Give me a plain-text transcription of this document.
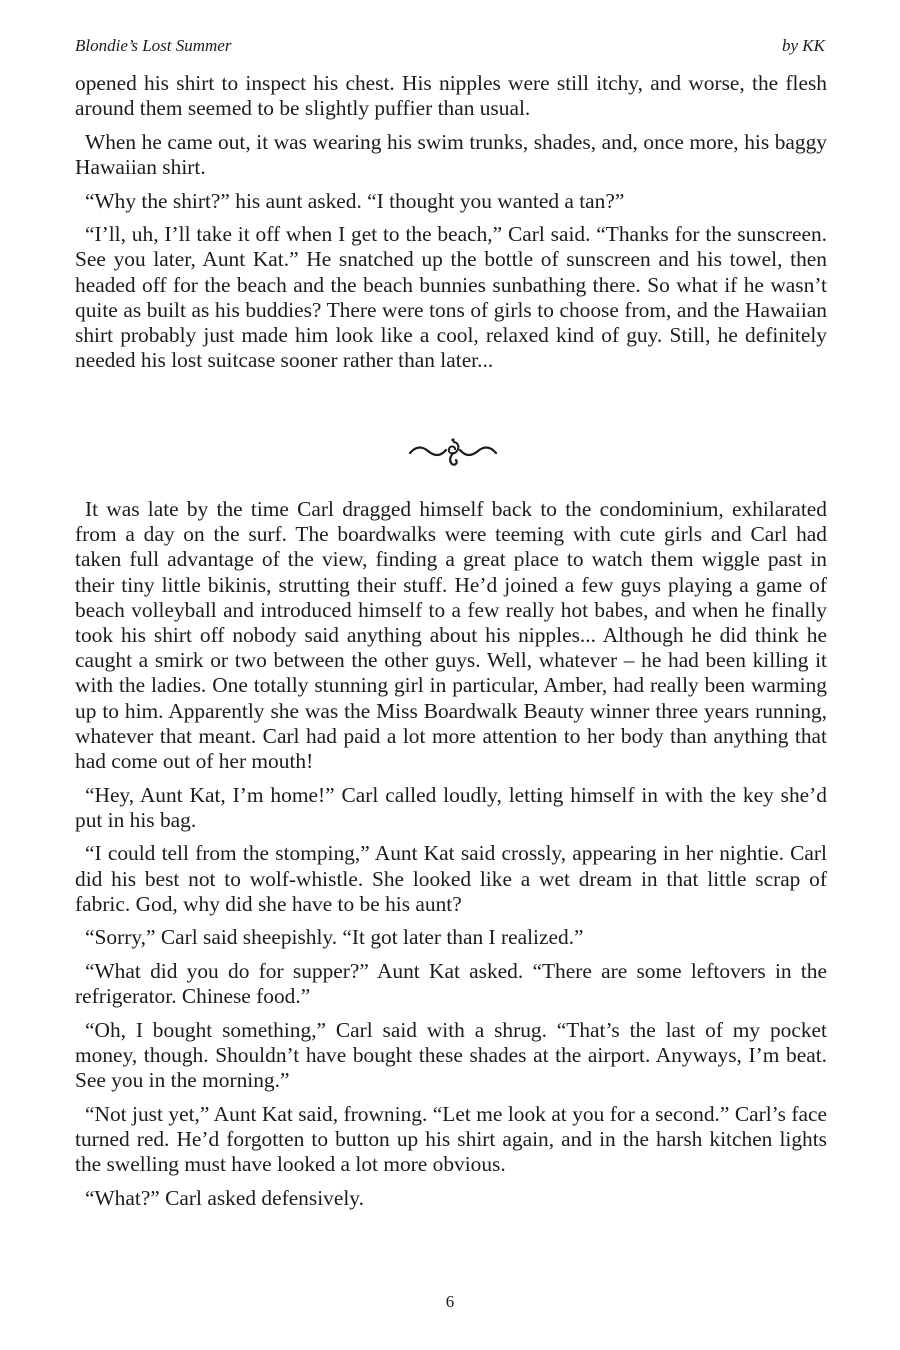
Blondie’s Lost Summer	by KK

opened his shirt to inspect his chest. His nipples were still itchy, and worse, the flesh around them seemed to be slightly puffier than usual.

When he came out, it was wearing his swim trunks, shades, and, once more, his baggy Hawaiian shirt.

“Why the shirt?” his aunt asked. “I thought you wanted a tan?”

“I’ll, uh, I’ll take it off when I get to the beach,” Carl said. “Thanks for the sunscreen. See you later, Aunt Kat.” He snatched up the bottle of sunscreen and his towel, then headed off for the beach and the beach bunnies sunbathing there. So what if he wasn’t quite as built as his buddies? There were tons of girls to choose from, and the Hawaiian shirt probably just made him look like a cool, relaxed kind of guy. Still, he definitely needed his lost suitcase sooner rather than later...

It was late by the time Carl dragged himself back to the condominium, exhilarated from a day on the surf. The boardwalks were teeming with cute girls and Carl had taken full advantage of the view, finding a great place to watch them wiggle past in their tiny little bikinis, strutting their stuff. He’d joined a few guys playing a game of beach volleyball and introduced himself to a few really hot babes, and when he finally took his shirt off nobody said anything about his nipples... Although he did think he caught a smirk or two between the other guys. Well, whatever – he had been killing it with the ladies. One totally stunning girl in particular, Amber, had really been warming up to him. Apparently she was the Miss Boardwalk Beauty winner three years running, whatever that meant. Carl had paid a lot more attention to her body than anything that had come out of her mouth!

“Hey, Aunt Kat, I’m home!” Carl called loudly, letting himself in with the key she’d put in his bag.

“I could tell from the stomping,” Aunt Kat said crossly, appearing in her nightie. Carl did his best not to wolf-whistle. She looked like a wet dream in that little scrap of fabric. God, why did she have to be his aunt?

“Sorry,” Carl said sheepishly. “It got later than I realized.”

“What did you do for supper?” Aunt Kat asked. “There are some leftovers in the refrigerator. Chinese food.”

“Oh, I bought something,” Carl said with a shrug. “That’s the last of my pocket money, though. Shouldn’t have bought these shades at the airport. Anyways, I’m beat. See you in the morning.”

“Not just yet,” Aunt Kat said, frowning. “Let me look at you for a second.” Carl’s face turned red. He’d forgotten to button up his shirt again, and in the harsh kitchen lights the swelling must have looked a lot more obvious.

“What?” Carl asked defensively.

6
